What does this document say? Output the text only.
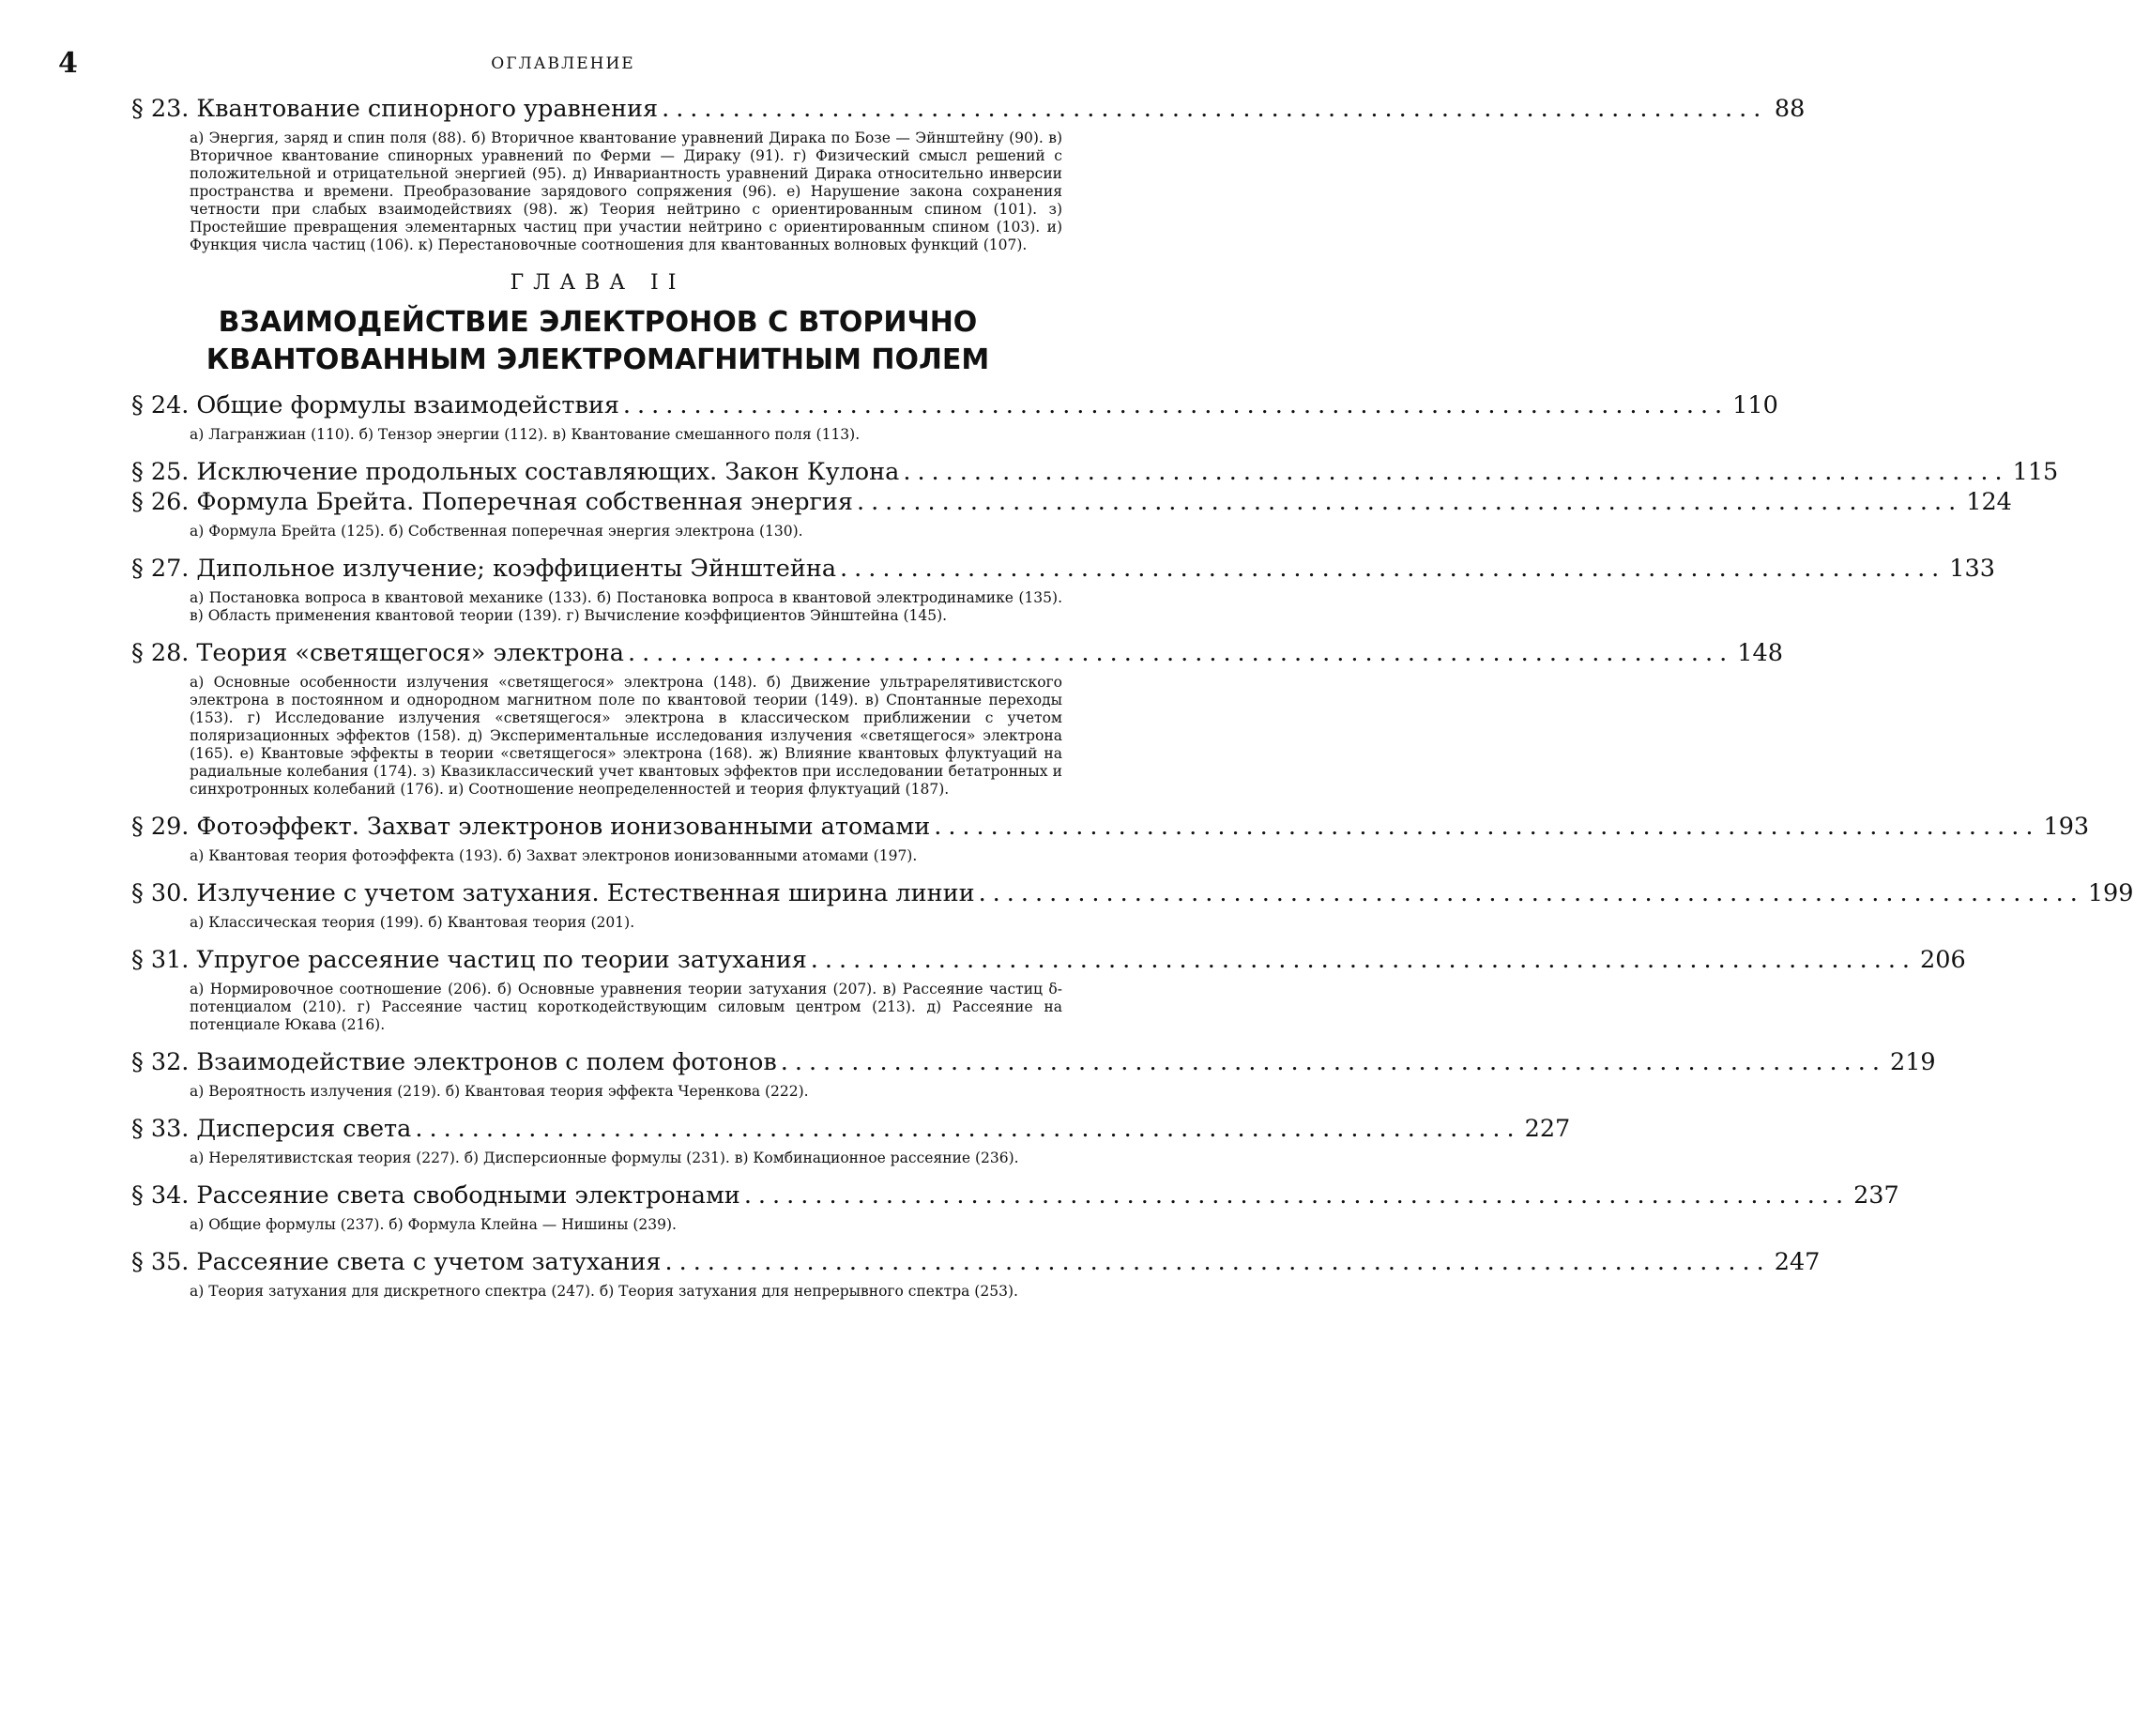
4	ОГЛАВЛЕНИЕ
§ 23. Квантование спинорного уравнения .............................................................................. 88
а) Энергия, заряд и спин поля (88). б) Вторичное квантование уравнений Дирака по Бозе — Эйнштейну (90). в) Вторичное квантование спинорных уравнений по Ферми — Дираку (91). г) Физический смысл решений с положительной и отрицательной энергией (95). д) Инвариантность уравнений Дирака относительно инверсии пространства и времени. Преобразование зарядового сопряжения (96). е) Нарушение закона сохранения четности при слабых взаимодействиях (98). ж) Теория нейтрино с ориентированным спином (101). з) Простейшие превращения элементарных частиц при участии нейтрино с ориентированным спином (103). и) Функция числа частиц (106). к) Перестановочные соотношения для квантованных волновых функций (107).
ГЛАВА II
ВЗАИМОДЕЙСТВИЕ ЭЛЕКТРОНОВ С ВТОРИЧНО
КВАНТОВАННЫМ ЭЛЕКТРОМАГНИТНЫМ ПОЛЕМ
§ 24. Общие формулы взаимодействия .............................................................................. 110
а) Лагранжиан (110). б) Тензор энергии (112). в) Квантование смешанного поля (113).
§ 25. Исключение продольных составляющих. Закон Кулона .............................................................................. 115
§ 26. Формула Брейта. Поперечная собственная энергия .............................................................................. 124
а) Формула Брейта (125). б) Собственная поперечная энергия электрона (130).
§ 27. Дипольное излучение; коэффициенты Эйнштейна .............................................................................. 133
а) Постановка вопроса в квантовой механике (133). б) Постановка вопроса в квантовой электродинамике (135). в) Область применения квантовой теории (139). г) Вычисление коэффициентов Эйнштейна (145).
§ 28. Теория «светящегося» электрона .............................................................................. 148
а) Основные особенности излучения «светящегося» электрона (148). б) Движение ультрарелятивистского электрона в постоянном и однородном магнитном поле по квантовой теории (149). в) Спонтанные переходы (153). г) Исследование излучения «светящегося» электрона в классическом приближении с учетом поляризационных эффектов (158). д) Экспериментальные исследования излучения «светящегося» электрона (165). е) Квантовые эффекты в теории «светящегося» электрона (168). ж) Влияние квантовых флуктуаций на радиальные колебания (174). з) Квазиклассический учет квантовых эффектов при исследовании бетатронных и синхротронных колебаний (176). и) Соотношение неопределенностей и теория флуктуаций (187).
§ 29. Фотоэффект. Захват электронов ионизованными атомами .............................................................................. 193
а) Квантовая теория фотоэффекта (193). б) Захват электронов ионизованными атомами (197).
§ 30. Излучение с учетом затухания. Естественная ширина линии .............................................................................. 199
а) Классическая теория (199). б) Квантовая теория (201).
§ 31. Упругое рассеяние частиц по теории затухания .............................................................................. 206
а) Нормировочное соотношение (206). б) Основные уравнения теории затухания (207). в) Рассеяние частиц δ-потенциалом (210). г) Рассеяние частиц короткодействующим силовым центром (213). д) Рассеяние на потенциале Юкава (216).
§ 32. Взаимодействие электронов с полем фотонов .............................................................................. 219
а) Вероятность излучения (219). б) Квантовая теория эффекта Черенкова (222).
§ 33. Дисперсия света .............................................................................. 227
а) Нерелятивистская теория (227). б) Дисперсионные формулы (231). в) Комбинационное рассеяние (236).
§ 34. Рассеяние света свободными электронами .............................................................................. 237
а) Общие формулы (237). б) Формула Клейна — Нишины (239).
§ 35. Рассеяние света с учетом затухания .............................................................................. 247
а) Теория затухания для дискретного спектра (247). б) Теория затухания для непрерывного спектра (253).
